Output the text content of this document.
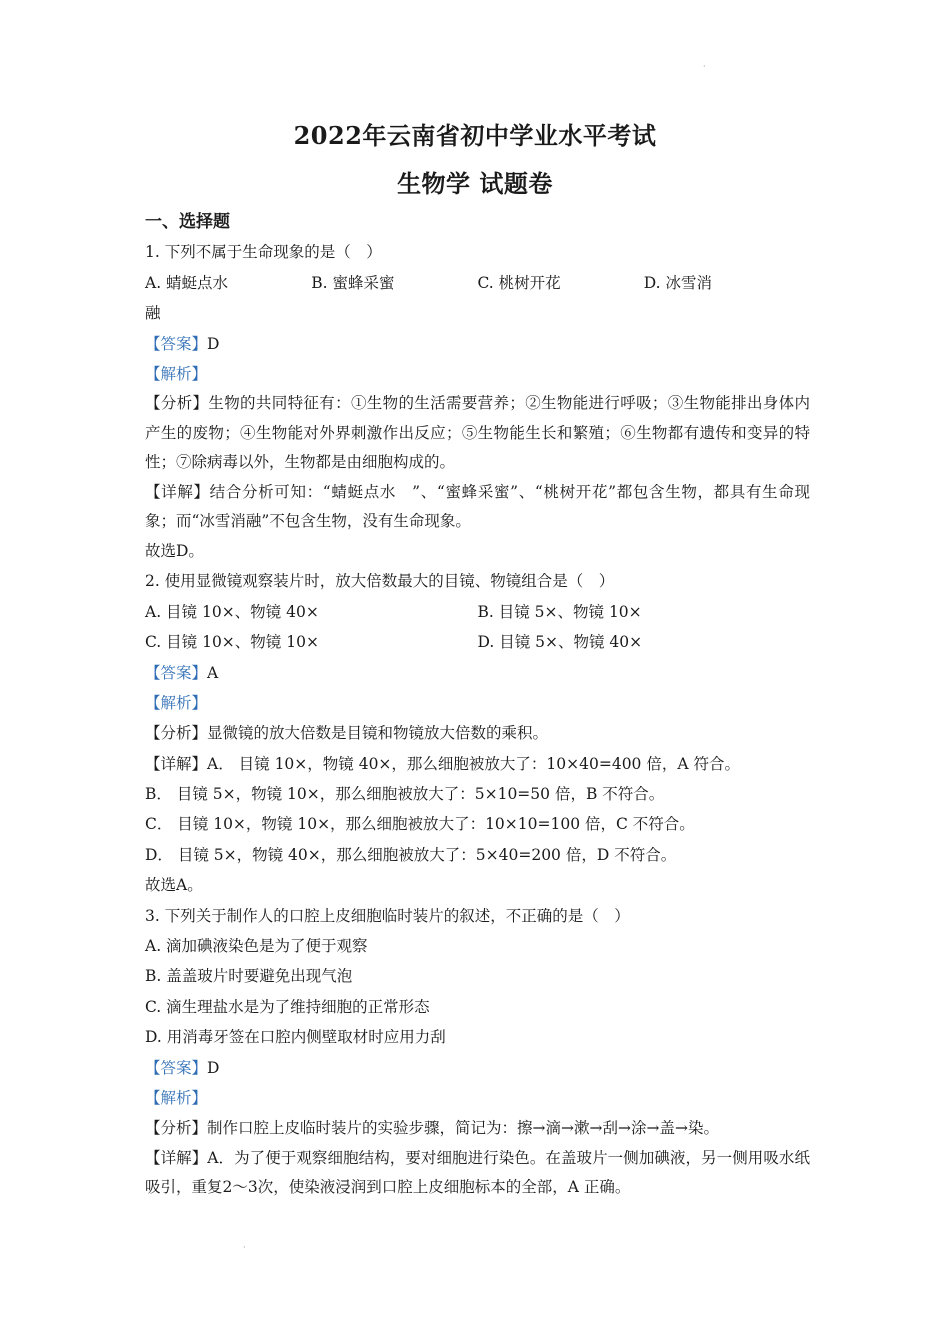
·
·
2022年云南省初中学业水平考试
生物学 试题卷
一、选择题
1. 下列不属于生命现象的是（　）
A. 蜻蜓点水	B. 蜜蜂采蜜	C. 桃树开花	D. 冰雪消
融
【答案】D
【解析】
【分析】生物的共同特征有：①生物的生活需要营养；②生物能进行呼吸；③生物能排出身体内产生的废物；④生物能对外界刺激作出反应；⑤生物能生长和繁殖；⑥生物都有遗传和变异的特性；⑦除病毒以外，生物都是由细胞构成的。
【详解】结合分析可知：“蜻蜓点水　”、“蜜蜂采蜜”、“桃树开花”都包含生物，都具有生命现象；而“冰雪消融”不包含生物，没有生命现象。
故选D。
2. 使用显微镜观察装片时，放大倍数最大的目镜、物镜组合是（　）
A. 目镜 10×、物镜 40×	B. 目镜 5×、物镜 10×
C. 目镜 10×、物镜 10×	D. 目镜 5×、物镜 40×
【答案】A
【解析】
【分析】显微镜的放大倍数是目镜和物镜放大倍数的乘积。
【详解】A． 目镜 10×，物镜 40×，那么细胞被放大了：10×40=400 倍，A 符合。
B． 目镜 5×，物镜 10×，那么细胞被放大了：5×10=50 倍，B 不符合。
C． 目镜 10×，物镜 10×，那么细胞被放大了：10×10=100 倍，C 不符合。
D． 目镜 5×，物镜 40×，那么细胞被放大了：5×40=200 倍，D 不符合。
故选A。
3. 下列关于制作人的口腔上皮细胞临时装片的叙述，不正确的是（　）
A. 滴加碘液染色是为了便于观察
B. 盖盖玻片时要避免出现气泡
C. 滴生理盐水是为了维持细胞的正常形态
D. 用消毒牙签在口腔内侧壁取材时应用力刮
【答案】D
【解析】
【分析】制作口腔上皮临时装片的实验步骤，简记为：擦→滴→漱→刮→涂→盖→染。
【详解】A．为了便于观察细胞结构，要对细胞进行染色。在盖玻片一侧加碘液，另一侧用吸水纸吸引，重复2～3次，使染液浸润到口腔上皮细胞标本的全部，A 正确。
